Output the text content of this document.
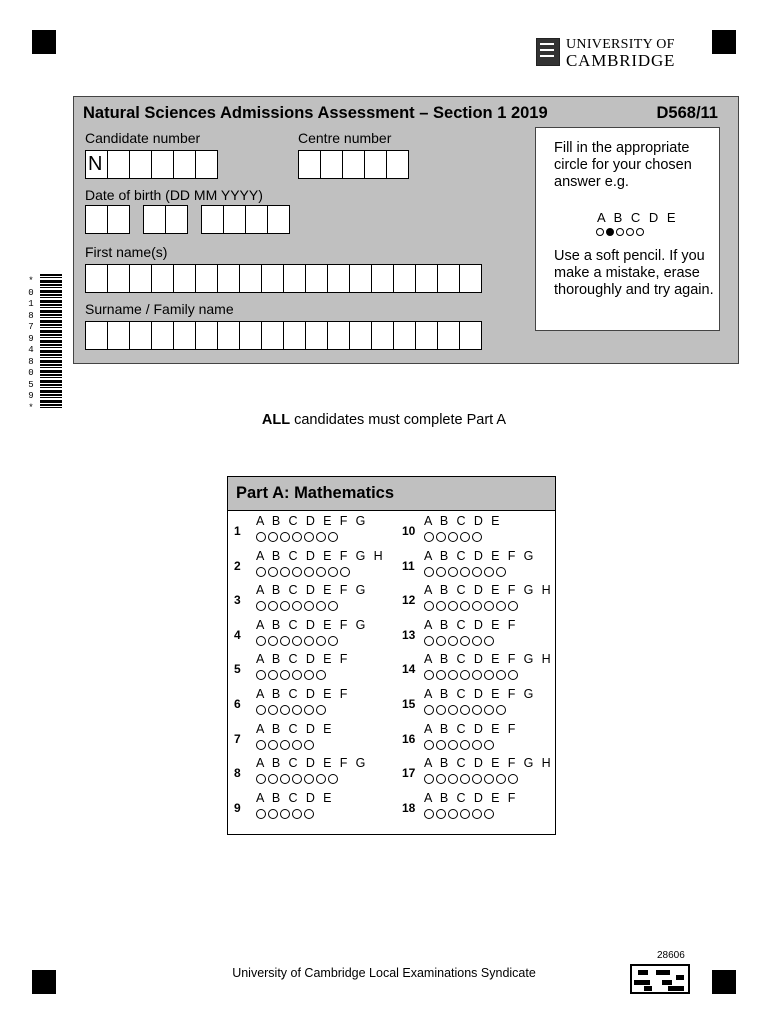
UNIVERSITY OF
CAMBRIDGE
Natural Sciences Admissions Assessment – Section 1 2019	D568/11
Candidate number
N
Centre number
Date of birth (DD MM YYYY)
First name(s)
Surname / Family name
Fill in the appropriate circle for your chosen answer e.g.
A B C D E
Use a soft pencil. If you make a mistake, erase thoroughly and try again.
*
0
1
8
7
9
4
8
0
5
9
*
ALL candidates must complete Part A
Part A: Mathematics
1
A B C D E F G
2
A B C D E F G H
3
A B C D E F G
4
A B C D E F G
5
A B C D E F
6
A B C D E F
7
A B C D E
8
A B C D E F G
9
A B C D E
10
A B C D E
11
A B C D E F G
12
A B C D E F G H
13
A B C D E F
14
A B C D E F G H
15
A B C D E F G
16
A B C D E F
17
A B C D E F G H
18
A B C D E F
28606
University of Cambridge Local Examinations Syndicate
